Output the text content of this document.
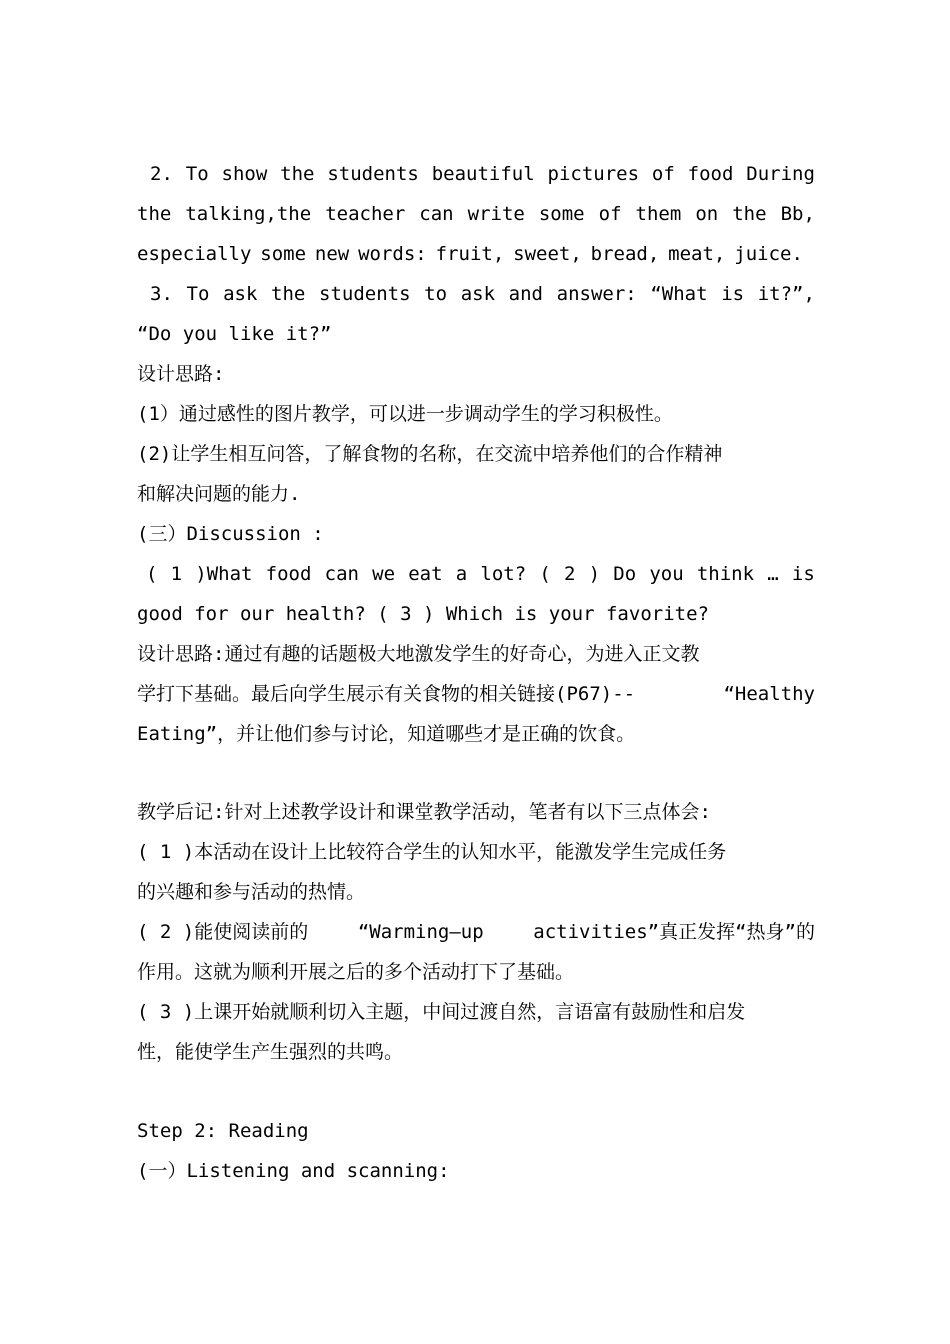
2. To show the students beautiful pictures of food During
the talking,the teacher can write some of them on the Bb,
especially some new words: fruit, sweet, bread, meat, juice.
3. To ask the students to ask and answer: “What is it?”,
“Do you like it?”
设计思路:
(1）通过感性的图片教学，可以进一步调动学生的学习积极性。
(2)让学生相互问答，了解食物的名称，在交流中培养他们的合作精神
和解决问题的能力.
(三）Discussion :
( 1 )What food can we eat a lot? ( 2 ) Do you think … is
good for our health? ( 3 ) Which is your favorite?
设计思路:通过有趣的话题极大地激发学生的好奇心，为进入正文教
学打下基础。最后向学生展示有关食物的相关链接(P67)--	“Healthy
Eating”，并让他们参与讨论，知道哪些才是正确的饮食。
教学后记:针对上述教学设计和课堂教学活动，笔者有以下三点体会:
( 1 )本活动在设计上比较符合学生的认知水平，能激发学生完成任务
的兴趣和参与活动的热情。
( 2 )能使阅读前的	“Warming–up	activities”真正发挥“热身”的
作用。这就为顺利开展之后的多个活动打下了基础。
( 3 )上课开始就顺利切入主题，中间过渡自然，言语富有鼓励性和启发
性，能使学生产生强烈的共鸣。
Step 2: Reading
(一）Listening and scanning:
